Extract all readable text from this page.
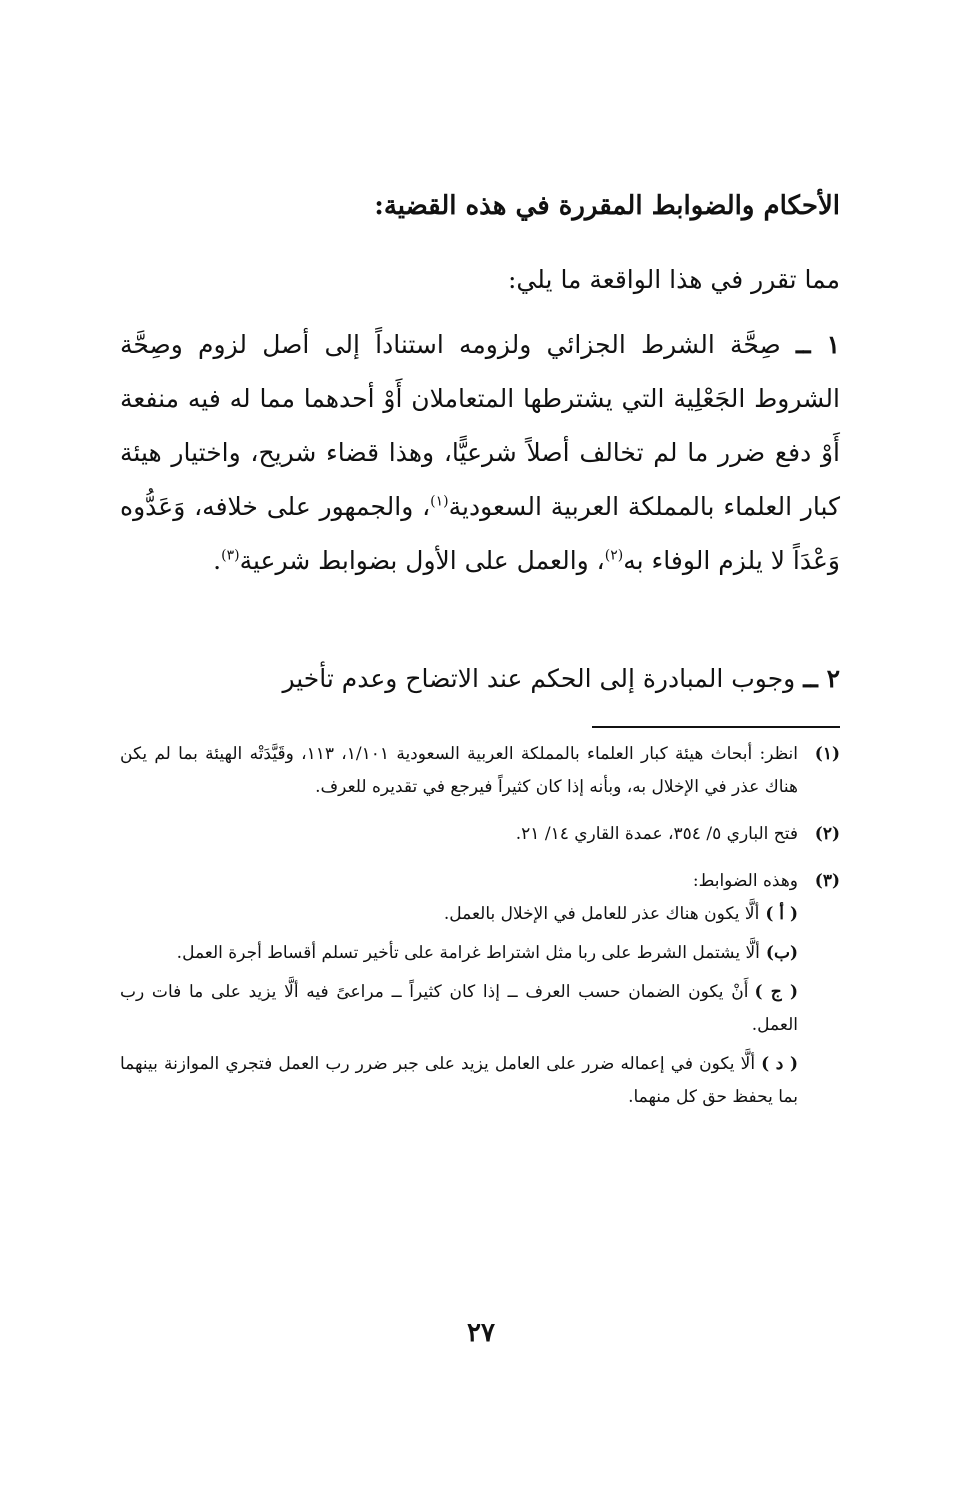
الأحكام والضوابط المقررة في هذه القضية:
مما تقرر في هذا الواقعة ما يلي:
١ ــ صِحَّة الشرط الجزائي ولزومه استناداً إلى أصل لزوم وصِحَّة الشروط الجَعْلِية التي يشترطها المتعاملان أَوْ أحدهما مما له فيه منفعة أَوْ دفع ضرر ما لم تخالف أصلاً شرعيًّا، وهذا قضاء شريح، واختيار هيئة كبار العلماء بالمملكة العربية السعودية$^{(١)}$، والجمهور على خلافه، وَعَدُّوه وَعْدَاً لا يلزم الوفاء به$^{(٢)}$، والعمل على الأول بضوابط شرعية$^{(٣)}$.
٢ ــ وجوب المبادرة إلى الحكم عند الاتضاح وعدم تأخير
(١)
انظر: أبحاث هيئة كبار العلماء بالمملكة العربية السعودية ١/١٠١، ١١٣، وقَيَّدَتْه الهيئة بما لم يكن هناك عذر في الإخلال به، وبأنه إذا كان كثيراً فيرجع في تقديره للعرف.
(٢)
فتح الباري ٥/ ٣٥٤، عمدة القاري ١٤/ ٢١.
(٣)
وهذه الضوابط:
( أ )ألَّا يكون هناك عذر للعامل في الإخلال بالعمل.
(ب)ألَّا يشتمل الشرط على ربا مثل اشتراط غرامة على تأخير تسلم أقساط أجرة العمل.
( ج )أَنْ يكون الضمان حسب العرف ــ إذا كان كثيراً ــ مراعىً فيه ألَّا يزيد على ما فات رب العمل.
( د )ألَّا يكون في إعماله ضرر على العامل يزيد على جبر ضرر رب العمل فتجري الموازنة بينهما بما يحفظ حق كل منهما.
٢٧
